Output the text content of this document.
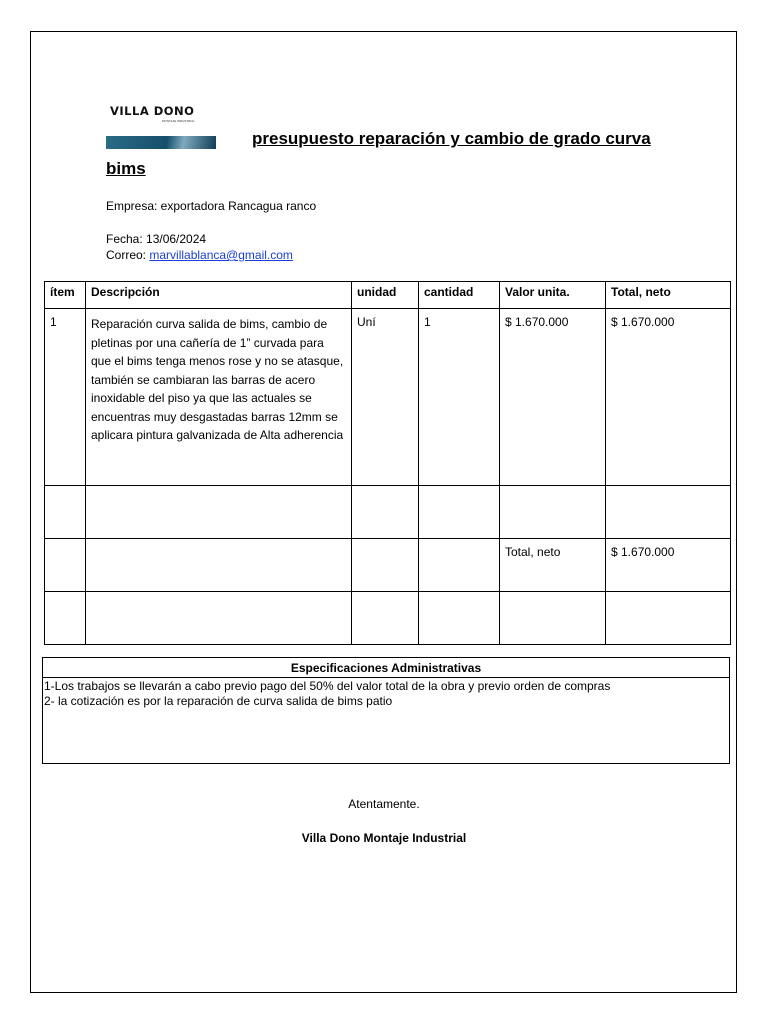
VILLA DONO
MONTAJE INDUSTRIAL
presupuesto reparación y cambio de grado curva
bims
Empresa: exportadora Rancagua ranco
Fecha: 13/06/2024
Correo: marvillablanca@gmail.com
ítem	Descripción	unidad	cantidad	Valor unita.	Total, neto
1	Reparación curva salida de bims, cambio de pletinas por una cañería de 1” curvada para que el bims tenga menos rose y no se atasque, también se cambiaran las barras de acero inoxidable del piso ya que las actuales se encuentras muy desgastadas barras 12mm se aplicara pintura galvanizada de Alta adherencia	Uní	1	$ 1.670.000	$ 1.670.000

				Total, neto	$ 1.670.000

Especificaciones Administrativas

1-Los trabajos se llevarán a cabo previo pago del 50% del valor total de la obra y previo orden de compras
2- la cotización es por la reparación de curva salida de bims patio
Atentamente.
Villa Dono Montaje Industrial
